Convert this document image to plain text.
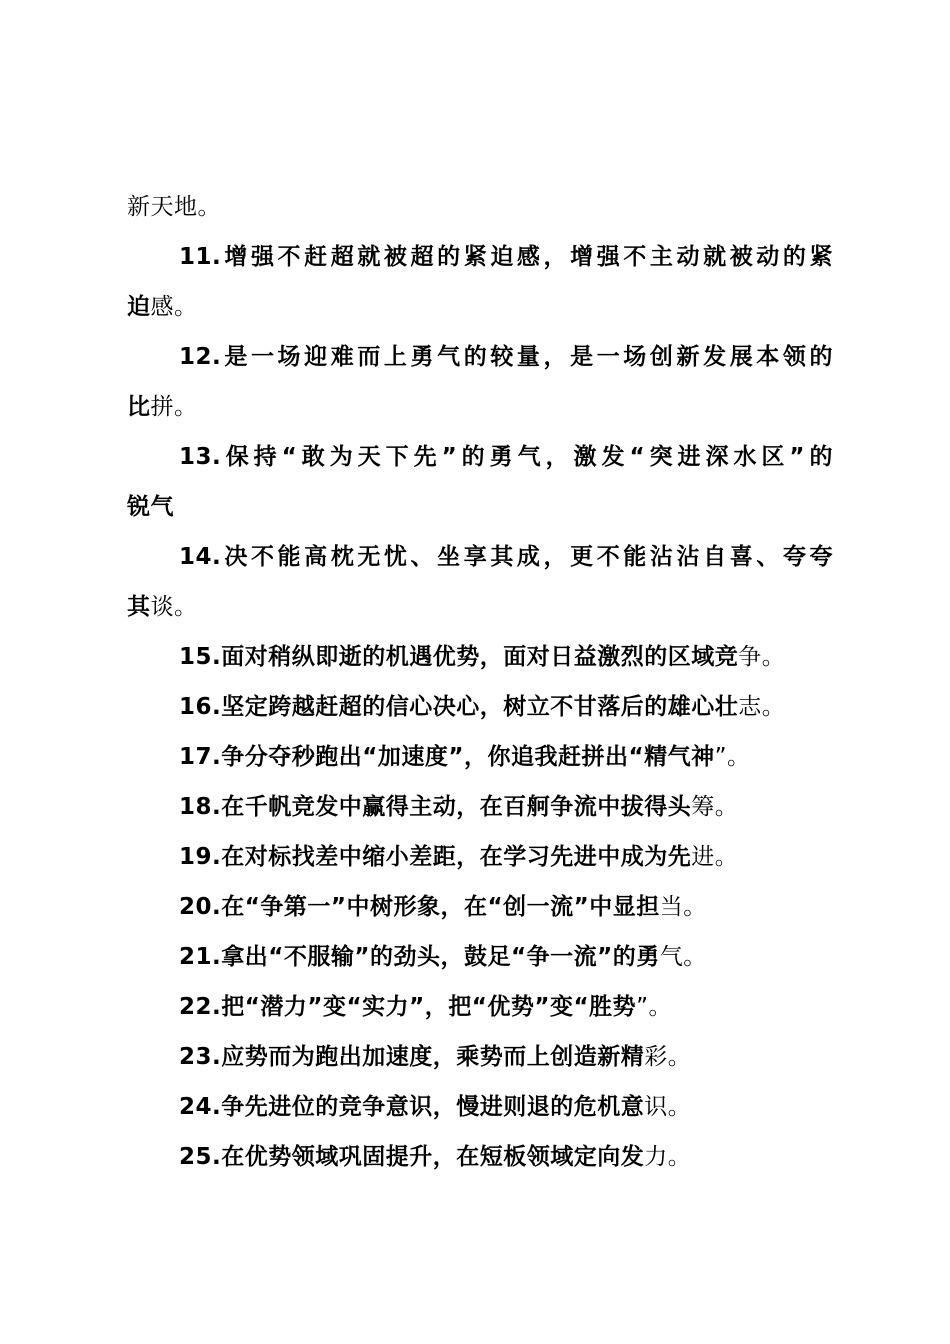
新天地。
11.增强不赶超就被超的紧迫感，增强不主动就被动的紧
迫感。
12.是一场迎难而上勇气的较量，是一场创新发展本领的
比拼。
13.保持“敢为天下先”的勇气，激发“突进深水区”的
锐气
14.决不能高枕无忧、坐享其成，更不能沾沾自喜、夸夸
其谈。
15.面对稍纵即逝的机遇优势，面对日益激烈的区域竞争。
16.坚定跨越赶超的信心决心，树立不甘落后的雄心壮志。
17.争分夺秒跑出“加速度”，你追我赶拼出“精气神”。
18.在千帆竞发中赢得主动，在百舸争流中拔得头筹。
19.在对标找差中缩小差距，在学习先进中成为先进。
20.在“争第一”中树形象，在“创一流”中显担当。
21.拿出“不服输”的劲头，鼓足“争一流”的勇气。
22.把“潜力”变“实力”，把“优势”变“胜势”。
23.应势而为跑出加速度，乘势而上创造新精彩。
24.争先进位的竞争意识，慢进则退的危机意识。
25.在优势领域巩固提升，在短板领域定向发力。
